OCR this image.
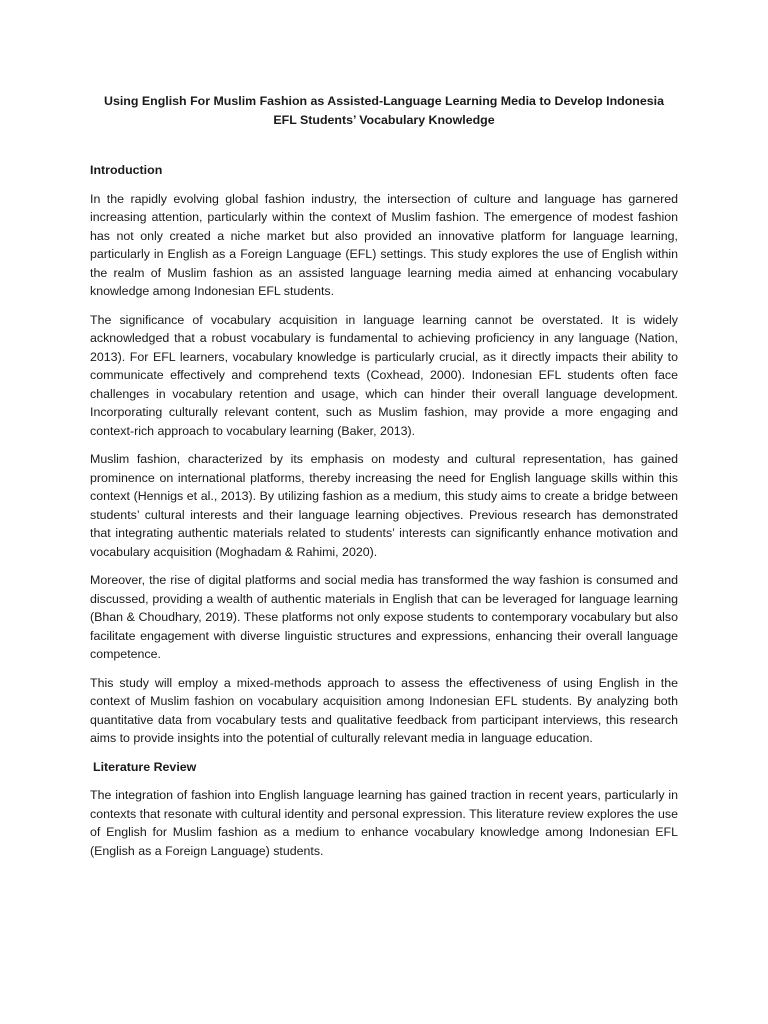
Using English For Muslim Fashion as Assisted-Language Learning Media to Develop Indonesia EFL Students’ Vocabulary Knowledge
Introduction

In the rapidly evolving global fashion industry, the intersection of culture and language has garnered increasing attention, particularly within the context of Muslim fashion. The emergence of modest fashion has not only created a niche market but also provided an innovative platform for language learning, particularly in English as a Foreign Language (EFL) settings. This study explores the use of English within the realm of Muslim fashion as an assisted language learning media aimed at enhancing vocabulary knowledge among Indonesian EFL students.

The significance of vocabulary acquisition in language learning cannot be overstated. It is widely acknowledged that a robust vocabulary is fundamental to achieving proficiency in any language (Nation, 2013). For EFL learners, vocabulary knowledge is particularly crucial, as it directly impacts their ability to communicate effectively and comprehend texts (Coxhead, 2000). Indonesian EFL students often face challenges in vocabulary retention and usage, which can hinder their overall language development. Incorporating culturally relevant content, such as Muslim fashion, may provide a more engaging and context-rich approach to vocabulary learning (Baker, 2013).

Muslim fashion, characterized by its emphasis on modesty and cultural representation, has gained prominence on international platforms, thereby increasing the need for English language skills within this context (Hennigs et al., 2013). By utilizing fashion as a medium, this study aims to create a bridge between students’ cultural interests and their language learning objectives. Previous research has demonstrated that integrating authentic materials related to students’ interests can significantly enhance motivation and vocabulary acquisition (Moghadam & Rahimi, 2020).

Moreover, the rise of digital platforms and social media has transformed the way fashion is consumed and discussed, providing a wealth of authentic materials in English that can be leveraged for language learning (Bhan & Choudhary, 2019). These platforms not only expose students to contemporary vocabulary but also facilitate engagement with diverse linguistic structures and expressions, enhancing their overall language competence.

This study will employ a mixed-methods approach to assess the effectiveness of using English in the context of Muslim fashion on vocabulary acquisition among Indonesian EFL students. By analyzing both quantitative data from vocabulary tests and qualitative feedback from participant interviews, this research aims to provide insights into the potential of culturally relevant media in language education.

Literature Review

The integration of fashion into English language learning has gained traction in recent years, particularly in contexts that resonate with cultural identity and personal expression. This literature review explores the use of English for Muslim fashion as a medium to enhance vocabulary knowledge among Indonesian EFL (English as a Foreign Language) students.
